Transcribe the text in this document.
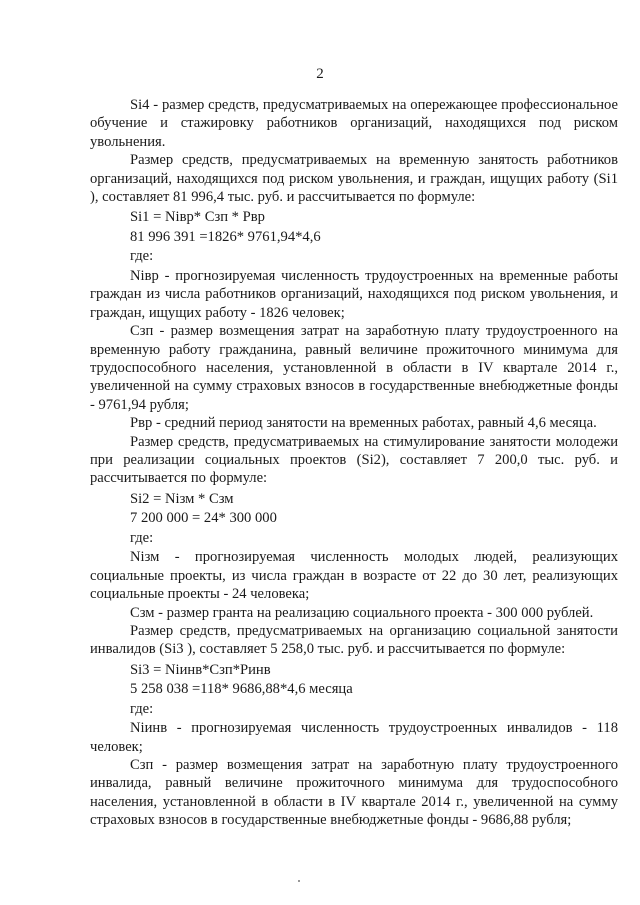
2

Si4 - размер средств, предусматриваемых на опережающее профессиональное обучение и стажировку работников организаций, находящихся под риском увольнения.

Размер средств, предусматриваемых на временную занятость работников организаций, находящихся под риском увольнения, и граждан, ищущих работу (Si1 ), составляет 81 996,4 тыс. руб. и рассчитывается по формуле:

Si1 = Niвр* Сзп * Рвр

81 996 391 =1826* 9761,94*4,6

где:

Niвр - прогнозируемая численность трудоустроенных на временные работы граждан из числа работников организаций, находящихся под риском увольнения, и граждан, ищущих работу - 1826 человек;

Сзп - размер возмещения затрат на заработную плату трудоустроенного на временную работу гражданина, равный величине прожиточного минимума для трудоспособного населения, установленной в области в IV квартале 2014 г., увеличенной на сумму страховых взносов в государственные внебюджетные фонды - 9761,94 рубля;

Рвр - средний период занятости на временных работах, равный 4,6 месяца.

Размер средств, предусматриваемых на стимулирование занятости молодежи при реализации социальных проектов (Si2), составляет 7 200,0 тыс. руб. и рассчитывается по формуле:

Si2 = Niзм * Сзм

7 200 000 = 24* 300 000

где:

Niзм - прогнозируемая численность молодых людей, реализующих социальные проекты, из числа граждан в возрасте от 22 до 30 лет, реализующих социальные проекты - 24 человека;

Сзм - размер гранта на реализацию социального проекта - 300 000 рублей.

Размер средств, предусматриваемых на организацию социальной занятости инвалидов (Si3 ), составляет 5 258,0 тыс. руб. и рассчитывается по формуле:

Si3 = Niинв*Сзп*Ринв

5 258 038 =118* 9686,88*4,6 месяца

где:

Niинв - прогнозируемая численность трудоустроенных инвалидов - 118 человек;

Сзп - размер возмещения затрат на заработную плату трудоустроенного инвалида, равный величине прожиточного минимума для трудоспособного населения, установленной в области в IV квартале 2014 г., увеличенной на сумму страховых взносов в государственные внебюджетные фонды - 9686,88 рубля;
